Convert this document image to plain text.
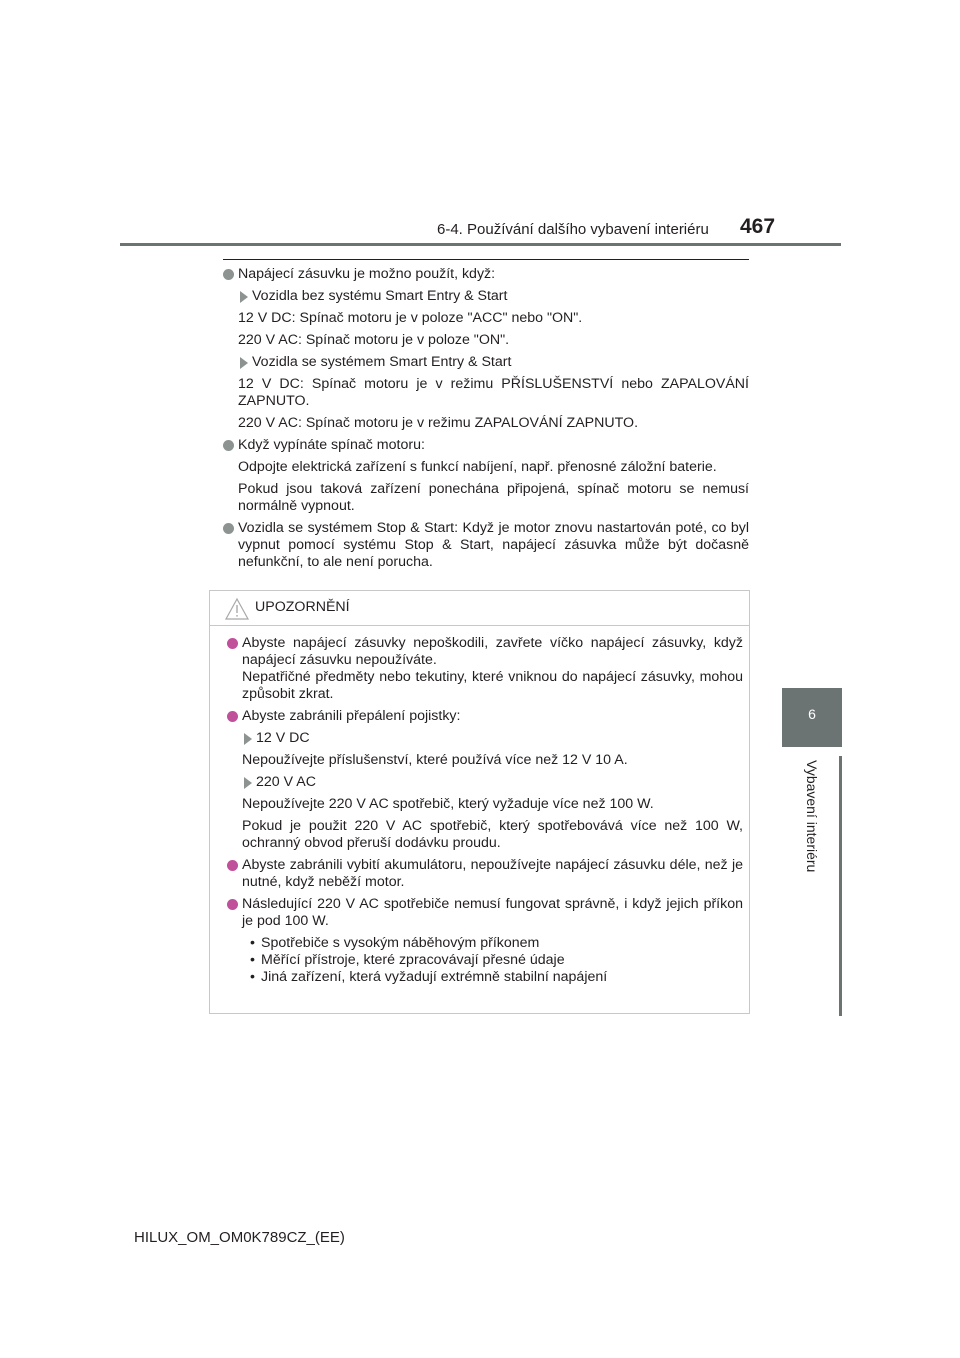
6-4. Používání dalšího vybavení interiéru 467
6
Vybavení interiéru
Napájecí zásuvku je možno použít, když:
Vozidla bez systému Smart Entry & Start
12 V DC: Spínač motoru je v poloze "ACC" nebo "ON".
220 V AC: Spínač motoru je v poloze "ON".
Vozidla se systémem Smart Entry & Start
12 V DC: Spínač motoru je v režimu PŘÍSLUŠENSTVÍ nebo ZAPALOVÁNÍ ZAPNUTO.
220 V AC: Spínač motoru je v režimu ZAPALOVÁNÍ ZAPNUTO.
Když vypínáte spínač motoru:
Odpojte elektrická zařízení s funkcí nabíjení, např. přenosné záložní baterie.
Pokud jsou taková zařízení ponechána připojená, spínač motoru se nemusí normálně vypnout.
Vozidla se systémem Stop & Start: Když je motor znovu nastartován poté, co byl vypnut pomocí systému Stop & Start, napájecí zásuvka může být dočasně nefunkční, to ale není porucha.
UPOZORNĚNÍ
Abyste napájecí zásuvky nepoškodili, zavřete víčko napájecí zásuvky, když napájecí zásuvku nepoužíváte.
Nepatřičné předměty nebo tekutiny, které vniknou do napájecí zásuvky, mohou způsobit zkrat.
Abyste zabránili přepálení pojistky:
12 V DC
Nepoužívejte příslušenství, které používá více než 12 V 10 A.
220 V AC
Nepoužívejte 220 V AC spotřebič, který vyžaduje více než 100 W.
Pokud je použit 220 V AC spotřebič, který spotřebovává více než 100 W, ochranný obvod přeruší dodávku proudu.
Abyste zabránili vybití akumulátoru, nepoužívejte napájecí zásuvku déle, než je nutné, když neběží motor.
Následující 220 V AC spotřebiče nemusí fungovat správně, i když jejich příkon je pod 100 W.
• Spotřebiče s vysokým náběhovým příkonem
• Měřící přístroje, které zpracovávají přesné údaje
• Jiná zařízení, která vyžadují extrémně stabilní napájení
HILUX_OM_OM0K789CZ_(EE)
